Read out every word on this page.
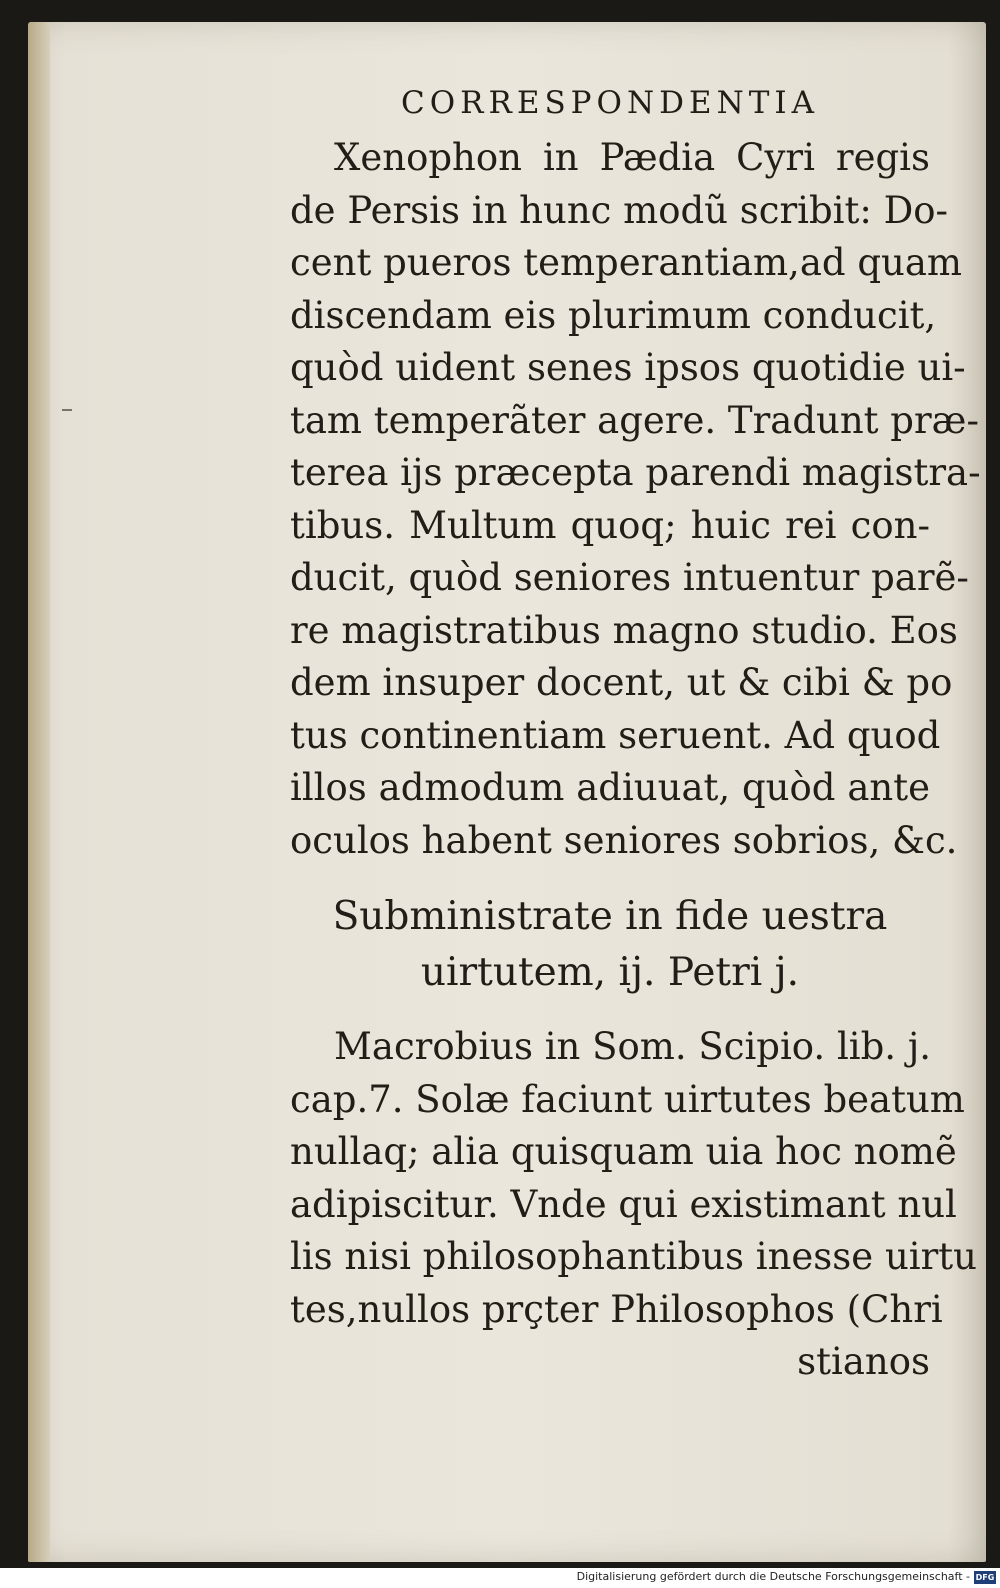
CORRESPONDENTIA
Xenophon in Pædia Cyri regis
de Persis in hunc modũ scribit: Do-
cent pueros temperantiam,ad quam
discendam eis plurimum conducit,
quòd uident senes ipsos quotidie ui-
tam temperãter agere. Tradunt præ-
terea ijs præcepta parendi magistra-
tibus. Multum quoq; huic rei con-
ducit, quòd seniores intuentur parẽ-
re magistratibus magno studio. Eos
dem insuper docent, ut & cibi & po
tus continentiam seruent. Ad quod
illos admodum adiuuat, quòd ante
oculos habent seniores sobrios, &c.
Subministrate in fide uestra
uirtutem, ij. Petri j.
Macrobius in Som. Scipio. lib. j.
cap.7. Solæ faciunt uirtutes beatum
nullaq; alia quisquam uia hoc nomẽ
adipiscitur. Vnde qui existimant nul
lis nisi philosophantibus inesse uirtu
tes,nullos prçter Philosophos (Chri
stianos
Digitalisierung gefördert durch die Deutsche Forschungsgemeinschaft - DFG
